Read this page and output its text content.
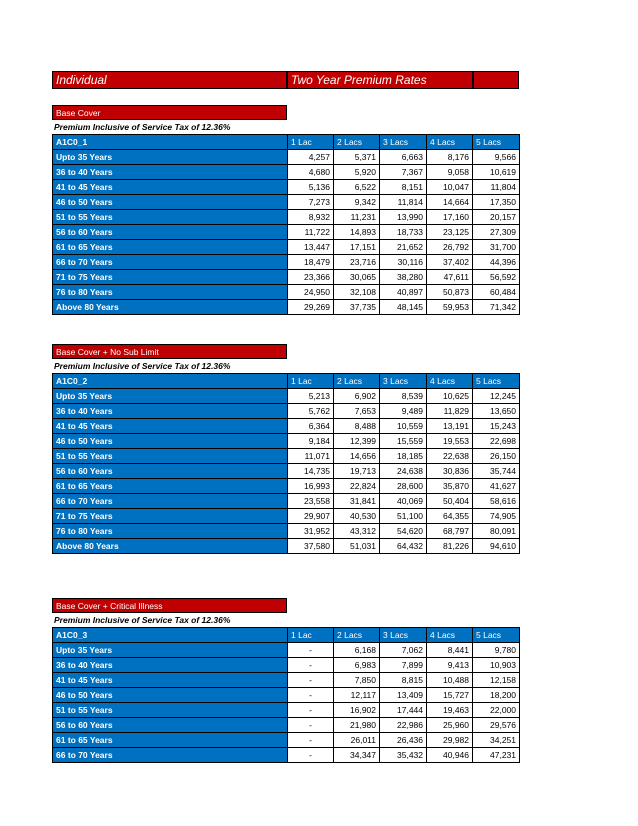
Individual	Two Year Premium Rates
Base Cover
Premium Inclusive of Service Tax of 12.36%
A1C0_1	1 Lac	2 Lacs	3 Lacs	4 Lacs	5 Lacs
Upto 35 Years	4,257	5,371	6,663	8,176	9,566
36 to 40 Years	4,680	5,920	7,367	9,058	10,619
41 to 45 Years	5,136	6,522	8,151	10,047	11,804
46 to 50 Years	7,273	9,342	11,814	14,664	17,350
51 to 55 Years	8,932	11,231	13,990	17,160	20,157
56 to 60 Years	11,722	14,893	18,733	23,125	27,309
61 to 65 Years	13,447	17,151	21,652	26,792	31,700
66 to 70 Years	18,479	23,716	30,116	37,402	44,396
71 to 75 Years	23,366	30,065	38,280	47,611	56,592
76 to 80 Years	24,950	32,108	40,897	50,873	60,484
Above 80 Years	29,269	37,735	48,145	59,953	71,342
Base Cover + No Sub Limit
Premium Inclusive of Service Tax of 12.36%
A1C0_2	1 Lac	2 Lacs	3 Lacs	4 Lacs	5 Lacs
Upto 35 Years	5,213	6,902	8,539	10,625	12,245
36 to 40 Years	5,762	7,653	9,489	11,829	13,650
41 to 45 Years	6,364	8,488	10,559	13,191	15,243
46 to 50 Years	9,184	12,399	15,559	19,553	22,698
51 to 55 Years	11,071	14,656	18,185	22,638	26,150
56 to 60 Years	14,735	19,713	24,638	30,836	35,744
61 to 65 Years	16,993	22,824	28,600	35,870	41,627
66 to 70 Years	23,558	31,841	40,069	50,404	58,616
71 to 75 Years	29,907	40,530	51,100	64,355	74,905
76 to 80 Years	31,952	43,312	54,620	68,797	80,091
Above 80 Years	37,580	51,031	64,432	81,226	94,610
Base Cover + Critical Illness
Premium Inclusive of Service Tax of 12.36%
A1C0_3	1 Lac	2 Lacs	3 Lacs	4 Lacs	5 Lacs
Upto 35 Years	-	6,168	7,062	8,441	9,780
36 to 40 Years	-	6,983	7,899	9,413	10,903
41 to 45 Years	-	7,850	8,815	10,488	12,158
46 to 50 Years	-	12,117	13,409	15,727	18,200
51 to 55 Years	-	16,902	17,444	19,463	22,000
56 to 60 Years	-	21,980	22,986	25,960	29,576
61 to 65 Years	-	26,011	26,436	29,982	34,251
66 to 70 Years	-	34,347	35,432	40,946	47,231
